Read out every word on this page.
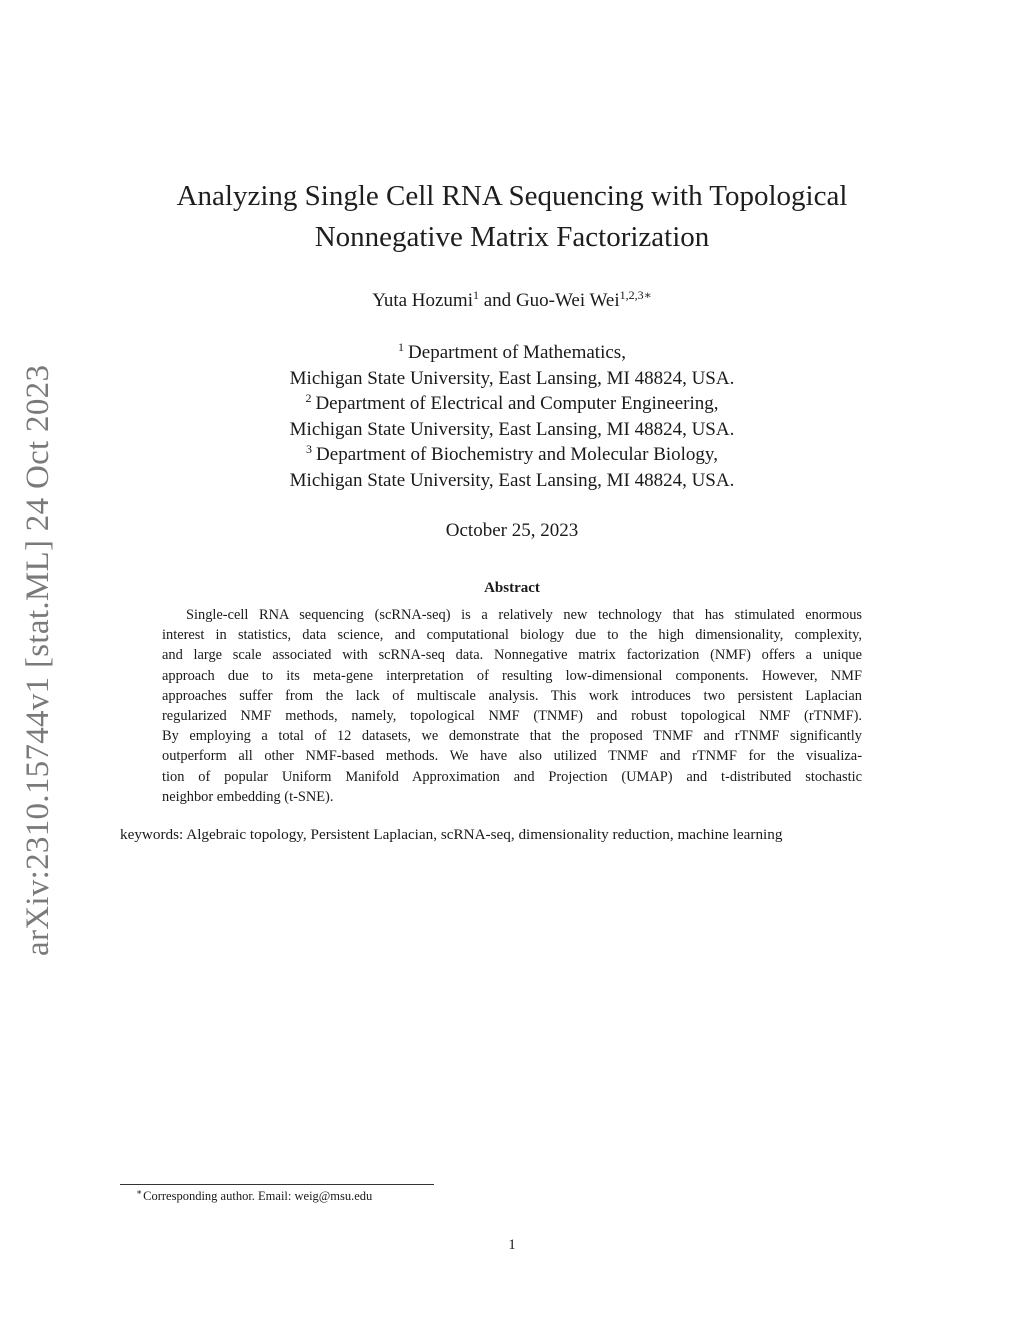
arXiv:2310.15744v1 [stat.ML] 24 Oct 2023
Analyzing Single Cell RNA Sequencing with Topological
Nonnegative Matrix Factorization
Yuta Hozumi$^1$ and Guo-Wei Wei$^{1,2,3∗}$
$^1$ Department of Mathematics,
Michigan State University, East Lansing, MI 48824, USA.
$^2$ Department of Electrical and Computer Engineering,
Michigan State University, East Lansing, MI 48824, USA.
$^3$ Department of Biochemistry and Molecular Biology,
Michigan State University, East Lansing, MI 48824, USA.
October 25, 2023
Abstract
Single-cell RNA sequencing (scRNA-seq) is a relatively new technology that has stimulated enormous
interest in statistics, data science, and computational biology due to the high dimensionality, complexity,
and large scale associated with scRNA-seq data. Nonnegative matrix factorization (NMF) offers a unique
approach due to its meta-gene interpretation of resulting low-dimensional components. However, NMF
approaches suffer from the lack of multiscale analysis. This work introduces two persistent Laplacian
regularized NMF methods, namely, topological NMF (TNMF) and robust topological NMF (rTNMF).
By employing a total of 12 datasets, we demonstrate that the proposed TNMF and rTNMF significantly
outperform all other NMF-based methods. We have also utilized TNMF and rTNMF for the visualiza-
tion of popular Uniform Manifold Approximation and Projection (UMAP) and t-distributed stochastic
neighbor embedding (t-SNE).
keywords: Algebraic topology, Persistent Laplacian, scRNA-seq, dimensionality reduction, machine learning
∗Corresponding author. Email: weig@msu.edu
1
